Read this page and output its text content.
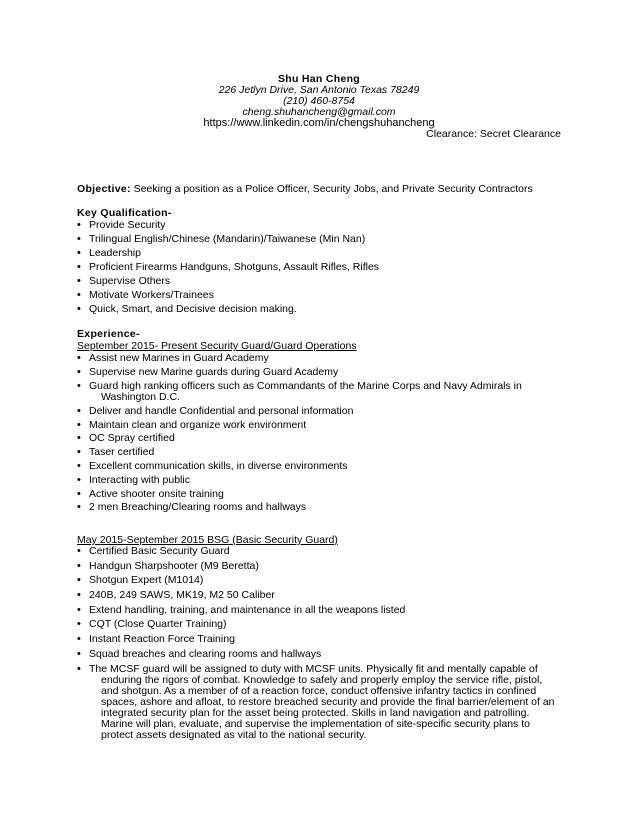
Shu Han Cheng
226 Jetlyn Drive, San Antonio Texas 78249
(210) 460-8754
cheng.shuhancheng@gmail.com
https://www.linkedin.com/in/chengshuhancheng
Clearance: Secret Clearance
Objective: Seeking a position as a Police Officer, Security Jobs, and Private Security Contractors
Key Qualification-
• Provide Security
• Trilingual English/Chinese (Mandarin)/Taiwanese (Min Nan)
• Leadership
• Proficient Firearms Handguns, Shotguns, Assault Rifles, Rifles
• Supervise Others
• Motivate Workers/Trainees
• Quick, Smart, and Decisive decision making.
Experience-
September 2015- Present Security Guard/Guard Operations
• Assist new Marines in Guard Academy
• Supervise new Marine guards during Guard Academy
• Guard high ranking officers such as Commandants of the Marine Corps and Navy Admirals in
Washington D.C.
• Deliver and handle Confidential and personal information
• Maintain clean and organize work environment
• OC Spray certified
• Taser certified
• Excellent communication skills, in diverse environments
• Interacting with public
• Active shooter onsite training
• 2 men Breaching/Clearing rooms and hallways
May 2015-September 2015 BSG (Basic Security Guard)
• Certified Basic Security Guard
• Handgun Sharpshooter (M9 Beretta)
• Shotgun Expert (M1014)
• 240B, 249 SAWS, MK19, M2 50 Caliber
• Extend handling, training, and maintenance in all the weapons listed
• CQT (Close Quarter Training)
• Instant Reaction Force Training
• Squad breaches and clearing rooms and hallways
• The MCSF guard will be assigned to duty with MCSF units. Physically fit and mentally capable of
enduring the rigors of combat. Knowledge to safely and properly employ the service rifle, pistol,
and shotgun. As a member of of a reaction force, conduct offensive infantry tactics in confined
spaces, ashore and afloat, to restore breached security and provide the final barrier/element of an
integrated security plan for the asset being protected. Skills in land navigation and patrolling.
Marine will plan, evaluate, and supervise the implementation of site-specific security plans to
protect assets designated as vital to the national security.
